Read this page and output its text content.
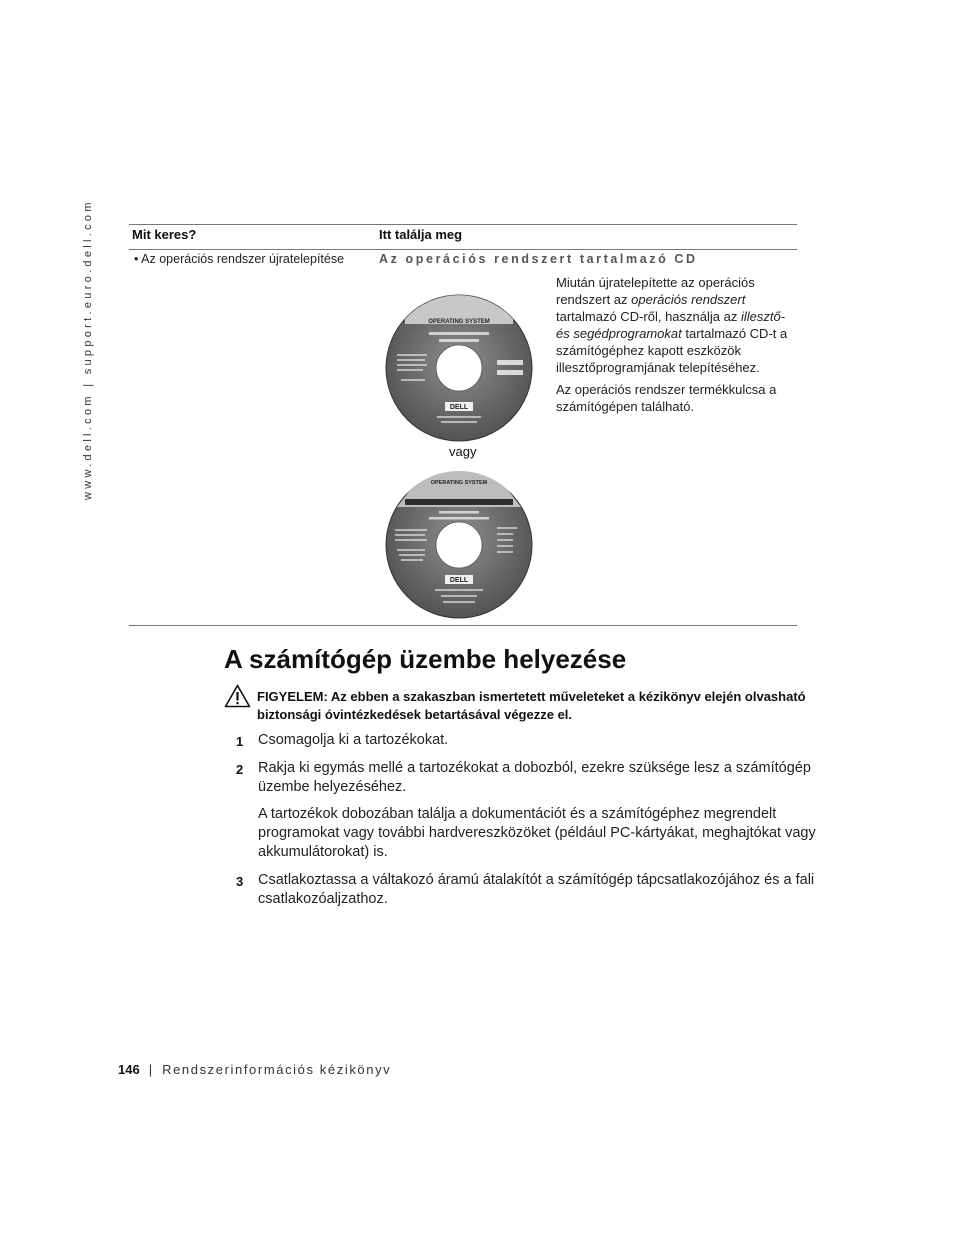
www.dell.com | support.euro.dell.com	Mit keres?	Itt találja meg
• Az operációs rendszer újratelepítése	Az operációs rendszert tartalmazó CD
OPERATING SYSTEM
DELL
vagy
OPERATING SYSTEM
DELL

Miután újratelepítette az operációs rendszert az operációs rendszert tartalmazó CD-ről, használja az illesztő- és segédprogramokat tartalmazó CD-t a számítógéphez kapott eszközök illesztőprogramjának telepítéséhez.

Az operációs rendszer termékkulcsa a számítógépen található.

A számítógép üzembe helyezése
FIGYELEM: Az ebben a szakaszban ismertetett műveleteket a kézikönyv elején olvasható biztonsági óvintézkedések betartásával végezze el.
1 Csomagolja ki a tartozékokat.
2 Rakja ki egymás mellé a tartozékokat a dobozból, ezekre szüksége lesz a számítógép üzembe helyezéséhez.
A tartozékok dobozában találja a dokumentációt és a számítógéphez megrendelt programokat vagy további hardvereszközöket (például PC-kártyákat, meghajtókat vagy akkumulátorokat) is.
3 Csatlakoztassa a váltakozó áramú átalakítót a számítógép tápcsatlakozójához és a fali csatlakozóaljzathoz.
146 | Rendszerinformációs kézikönyv
